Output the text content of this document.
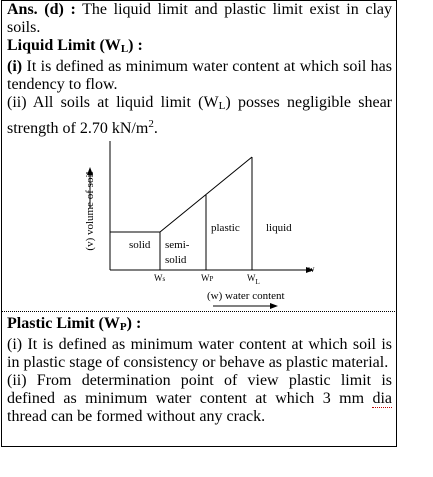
Ans. (d) : The liquid limit and plastic limit exist in clay soils.

Liquid Limit (WL) :

(i) It is defined as minimum water content at which soil has tendency to flow.

(ii) All soils at liquid limit (WL) posses negligible shear strength of 2.70 $kN/m^2$.

(v) volume of soil	solid semi-
solid
plastic liquid
w
Ws	WP	$W_L$
(w) water content

Plastic Limit (WP) :

(i) It is defined as minimum water content at which soil is in plastic stage of consistency or behave as plastic material.

(ii) From determination point of view plastic limit is defined as minimum water content at which 3 mm dia thread can be formed without any crack.
